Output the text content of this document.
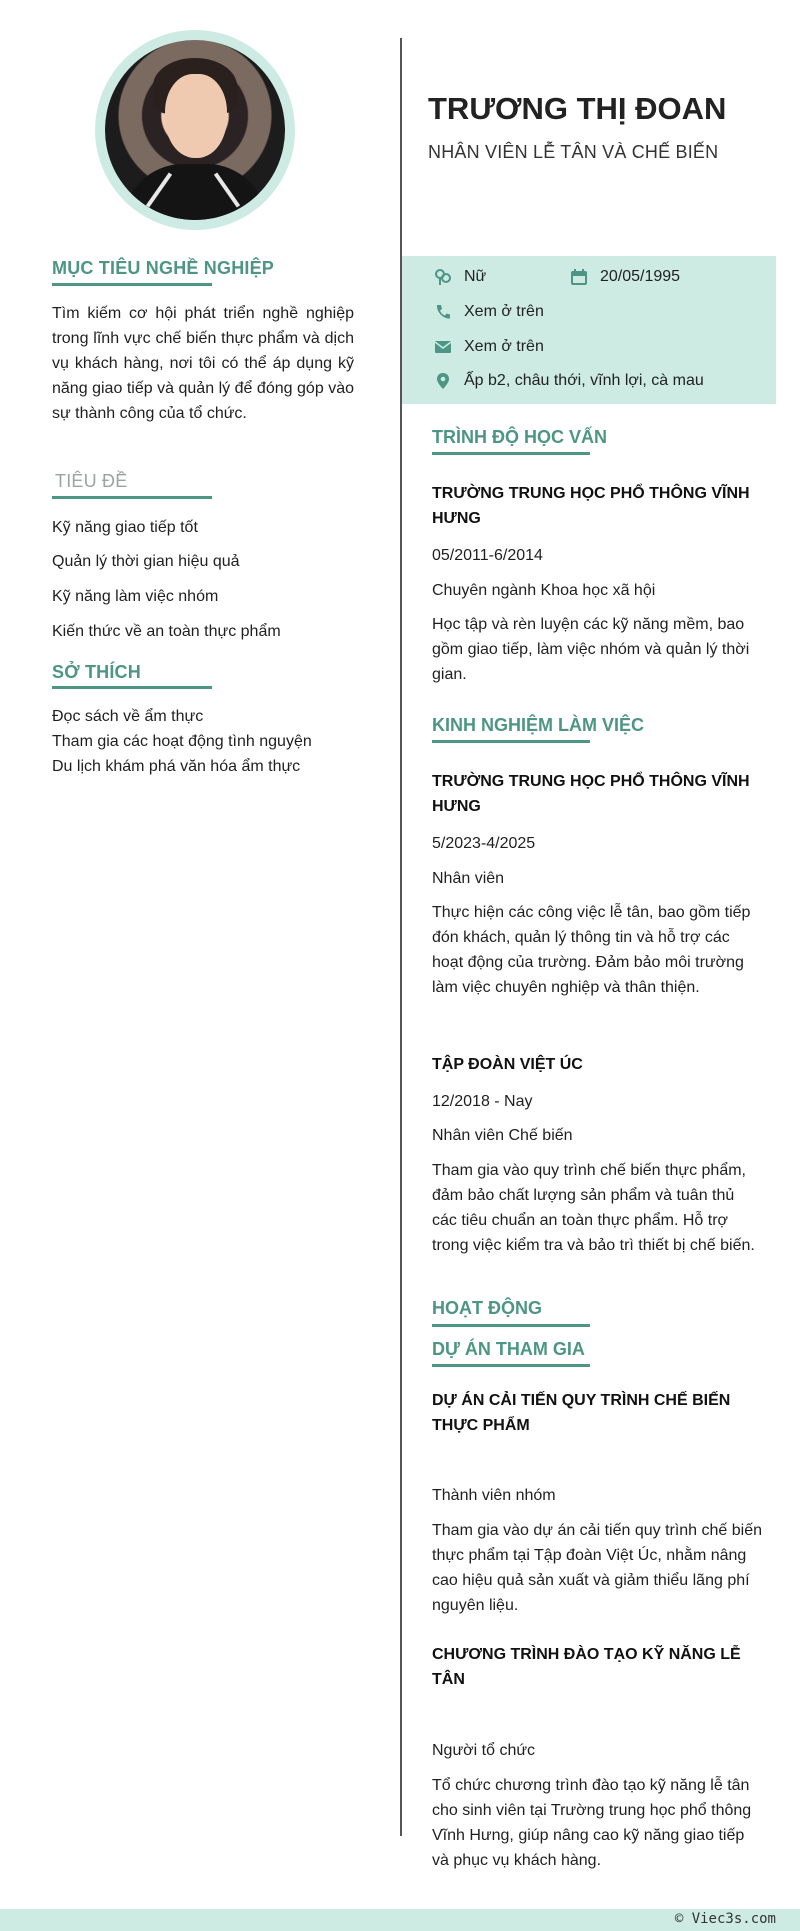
MỤC TIÊU NGHỀ NGHIỆP
Tìm kiếm cơ hội phát triển nghề nghiệp trong lĩnh vực chế biến thực phẩm và dịch vụ khách hàng, nơi tôi có thể áp dụng kỹ năng giao tiếp và quản lý để đóng góp vào sự thành công của tổ chức.
TIÊU ĐỀ
Kỹ năng giao tiếp tốt
Quản lý thời gian hiệu quả
Kỹ năng làm việc nhóm
Kiến thức về an toàn thực phẩm
SỞ THÍCH
Đọc sách về ẩm thực
Tham gia các hoạt động tình nguyện
Du lịch khám phá văn hóa ẩm thực
TRƯƠNG THỊ ĐOAN
NHÂN VIÊN LỄ TÂN VÀ CHẾ BIẾN
Nữ	20/05/1995
Xem ở trên
Xem ở trên
Ấp b2, châu thới, vĩnh lợi, cà mau
TRÌNH ĐỘ HỌC VẤN
TRƯỜNG TRUNG HỌC PHỔ THÔNG VĨNH HƯNG
05/2011-6/2014
Chuyên ngành Khoa học xã hội
Học tập và rèn luyện các kỹ năng mềm, bao gồm giao tiếp, làm việc nhóm và quản lý thời gian.
KINH NGHIỆM LÀM VIỆC
TRƯỜNG TRUNG HỌC PHỔ THÔNG VĨNH HƯNG
5/2023-4/2025
Nhân viên
Thực hiện các công việc lễ tân, bao gồm tiếp đón khách, quản lý thông tin và hỗ trợ các hoạt động của trường. Đảm bảo môi trường làm việc chuyên nghiệp và thân thiện.
TẬP ĐOÀN VIỆT ÚC
12/2018 - Nay
Nhân viên Chế biến
Tham gia vào quy trình chế biến thực phẩm, đảm bảo chất lượng sản phẩm và tuân thủ các tiêu chuẩn an toàn thực phẩm. Hỗ trợ trong việc kiểm tra và bảo trì thiết bị chế biến.
HOẠT ĐỘNG
DỰ ÁN THAM GIA
DỰ ÁN CẢI TIẾN QUY TRÌNH CHẾ BIẾN THỰC PHẨM
Thành viên nhóm
Tham gia vào dự án cải tiến quy trình chế biến thực phẩm tại Tập đoàn Việt Úc, nhằm nâng cao hiệu quả sản xuất và giảm thiểu lãng phí nguyên liệu.
CHƯƠNG TRÌNH ĐÀO TẠO KỸ NĂNG LỄ TÂN
Người tổ chức
Tổ chức chương trình đào tạo kỹ năng lễ tân cho sinh viên tại Trường trung học phổ thông Vĩnh Hưng, giúp nâng cao kỹ năng giao tiếp và phục vụ khách hàng.
© Viec3s.com
